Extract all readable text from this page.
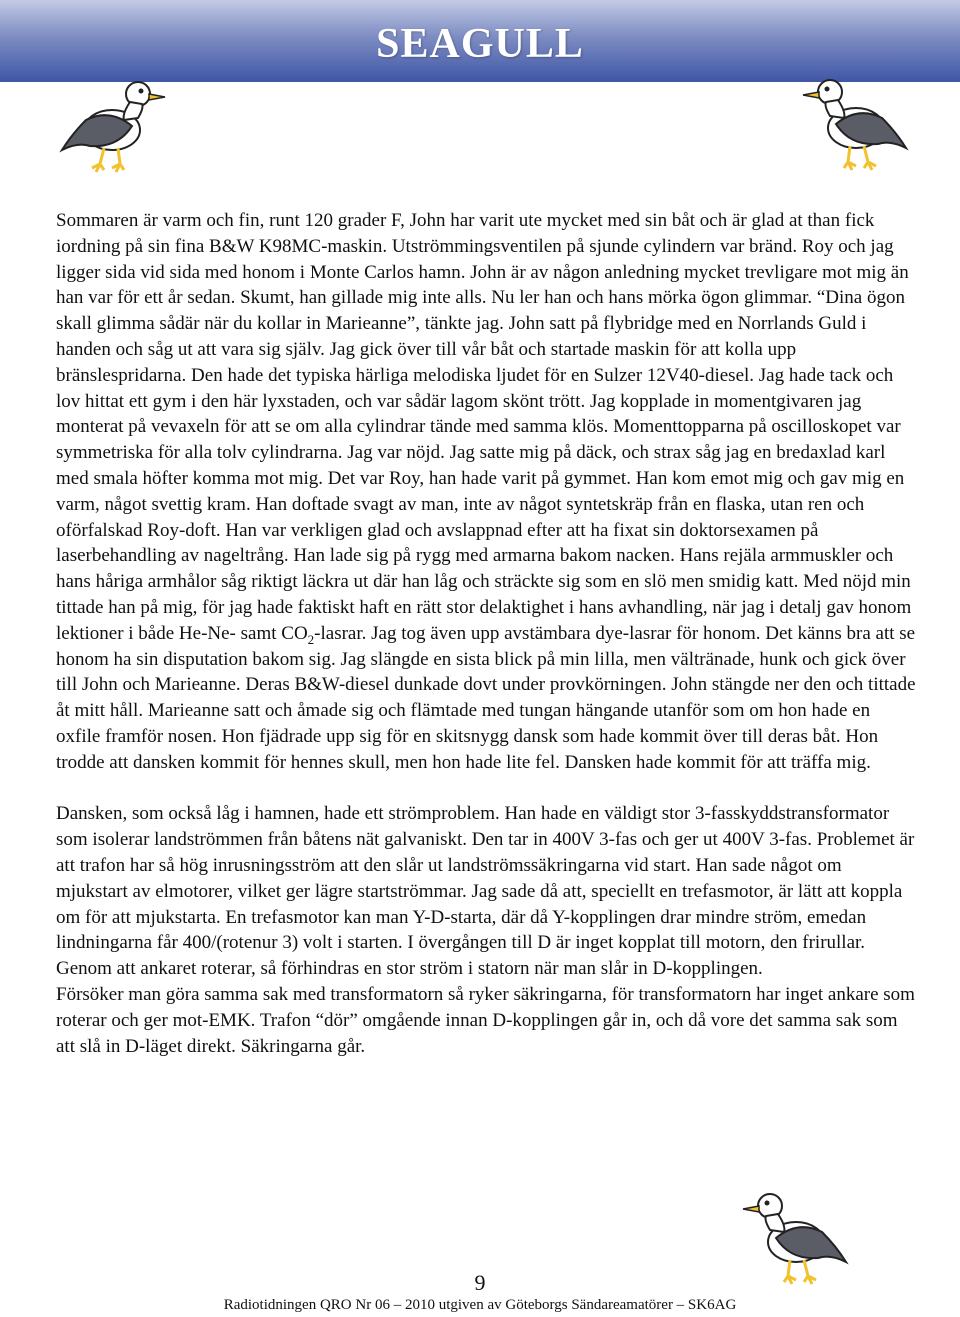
SEAGULL

Sommaren är varm och fin, runt 120 grader F, John har varit ute mycket med sin båt och är glad at than fick iordning på sin fina B&W K98MC-maskin. Utströmmingsventilen på sjunde cylindern var bränd. Roy och jag ligger sida vid sida med honom i Monte Carlos hamn. John är av någon anledning mycket trevligare mot mig än han var för ett år sedan. Skumt, han gillade mig inte alls. Nu ler han och hans mörka ögon glimmar. “Dina ögon skall glimma sådär när du kollar in Marieanne”, tänkte jag. John satt på flybridge med en Norrlands Guld i handen och såg ut att vara sig själv. Jag gick över till vår båt och startade maskin för att kolla upp bränslespridarna. Den hade det typiska härliga melodiska ljudet för en Sulzer 12V40-diesel. Jag hade tack och lov hittat ett gym i den här lyxstaden, och var sådär lagom skönt trött. Jag kopplade in momentgivaren jag monterat på vevaxeln för att se om alla cylindrar tände med samma klös. Momenttopparna på oscilloskopet var symmetriska för alla tolv cylindrarna. Jag var nöjd. Jag satte mig på däck, och strax såg jag en bredaxlad karl med smala höfter komma mot mig. Det var Roy, han hade varit på gymmet. Han kom emot mig och gav mig en varm, något svettig kram. Han doftade svagt av man, inte av något syntetskräp från en flaska, utan ren och oförfalskad Roy-doft. Han var verkligen glad och avslappnad efter att ha fixat sin doktorsexamen på laserbehandling av nageltrång. Han lade sig på rygg med armarna bakom nacken. Hans rejäla armmuskler och hans håriga armhålor såg riktigt läckra ut där han låg och sträckte sig som en slö men smidig katt. Med nöjd min tittade han på mig, för jag hade faktiskt haft en rätt stor delaktighet i hans avhandling, när jag i detalj gav honom lektioner i både He-Ne- samt $CO_2$-lasrar. Jag tog även upp avstämbara dye-lasrar för honom. Det känns bra att se honom ha sin disputation bakom sig. Jag slängde en sista blick på min lilla, men vältränade, hunk och gick över till John och Marieanne. Deras B&W-diesel dunkade dovt under provkörningen. John stängde ner den och tittade åt mitt håll. Marieanne satt och åmade sig och flämtade med tungan hängande utanför som om hon hade en oxfile framför nosen. Hon fjädrade upp sig för en skitsnygg dansk som hade kommit över till deras båt. Hon trodde att dansken kommit för hennes skull, men hon hade lite fel. Dansken hade kommit för att träffa mig.

Dansken, som också låg i hamnen, hade ett strömproblem. Han hade en väldigt stor 3-fasskyddstransformator som isolerar landströmmen från båtens nät galvaniskt. Den tar in 400V 3-fas och ger ut 400V 3-fas. Problemet är att trafon har så hög inrusningsström att den slår ut landströmssäkringarna vid start. Han sade något om mjukstart av elmotorer, vilket ger lägre startströmmar. Jag sade då att, speciellt en trefasmotor, är lätt att koppla om för att mjukstarta. En trefasmotor kan man Y-D-starta, där då Y-kopplingen drar mindre ström, emedan lindningarna får 400/(rotenur 3) volt i starten. I övergången till D är inget kopplat till motorn, den frirullar. Genom att ankaret roterar, så förhindras en stor ström i statorn när man slår in D-kopplingen.

Försöker man göra samma sak med transformatorn så ryker säkringarna, för transformatorn har inget ankare som roterar och ger mot-EMK. Trafon “dör” omgående innan D-kopplingen går in, och då vore det samma sak som att slå in D-läget direkt. Säkringarna går.

9
Radiotidningen QRO Nr 06 – 2010 utgiven av Göteborgs Sändareamatörer – SK6AG
